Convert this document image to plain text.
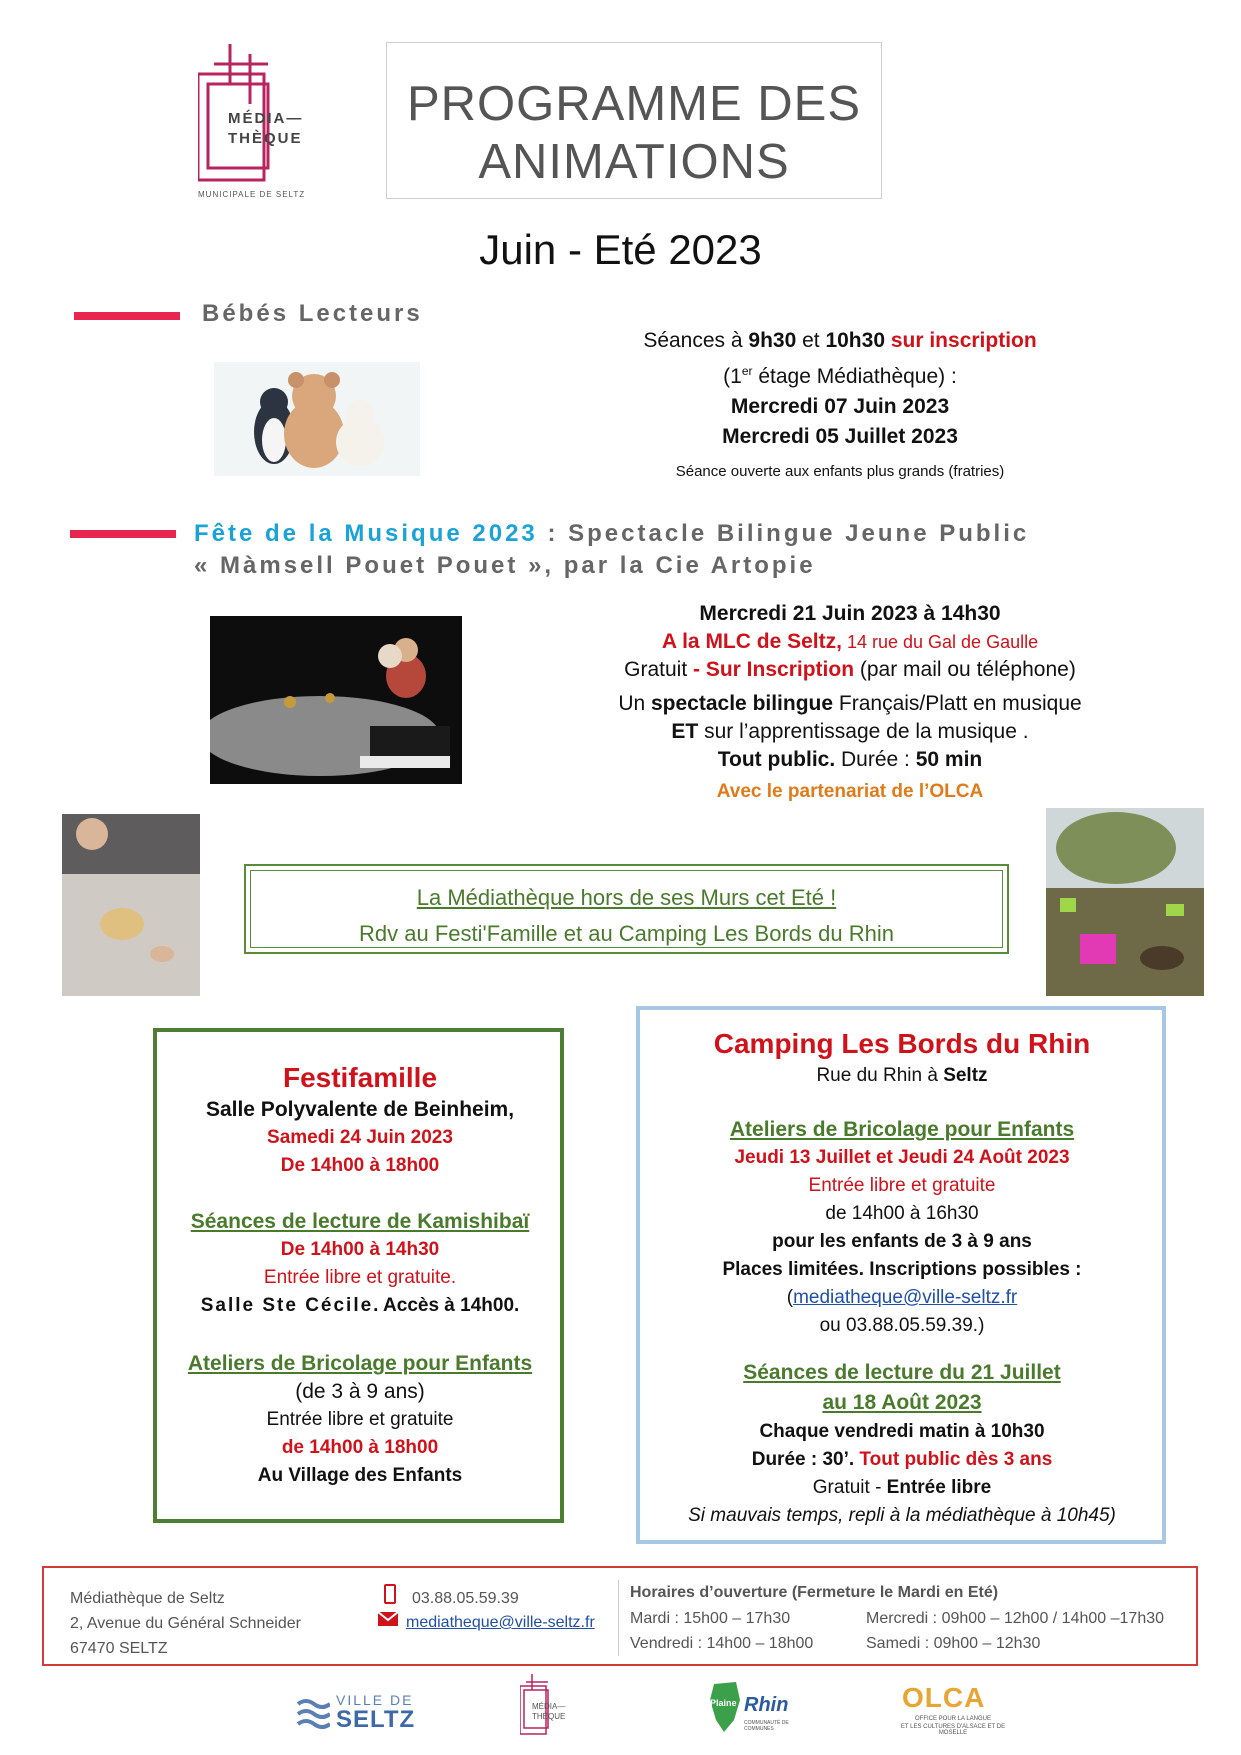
MÉDIA—
THÈQUE
MUNICIPALE DE SELTZ
PROGRAMME DES
ANIMATIONS
Juin - Eté 2023
Bébés Lecteurs
Séances à 9h30 et 10h30 sur inscription
(1er étage Médiathèque) :
Mercredi 07 Juin 2023
Mercredi 05 Juillet 2023
Séance ouverte aux enfants plus grands (fratries)
Fête de la Musique 2023 : Spectacle Bilingue Jeune Public
« Màmsell Pouet Pouet », par la Cie Artopie
Mercredi 21 Juin 2023 à 14h30
A la MLC de Seltz, 14 rue du Gal de Gaulle
Gratuit - Sur Inscription (par mail ou téléphone)
Un spectacle bilingue Français/Platt en musique
ET sur l’apprentissage de la musique .
Tout public. Durée : 50 min
Avec le partenariat de l’OLCA
La Médiathèque hors de ses Murs cet Eté !
Rdv au Festi'Famille et au Camping Les Bords du Rhin
Festifamille
Salle Polyvalente de Beinheim,
Samedi 24 Juin 2023
De 14h00 à 18h00
Séances de lecture de Kamishibaï
De 14h00 à 14h30
Entrée libre et gratuite.
Salle Ste Cécile. Accès à 14h00.
Ateliers de Bricolage pour Enfants
(de 3 à 9 ans)
Entrée libre et gratuite
de 14h00 à 18h00
Au Village des Enfants
Camping Les Bords du Rhin
Rue du Rhin à Seltz
Ateliers de Bricolage pour Enfants
Jeudi 13 Juillet et Jeudi 24 Août 2023
Entrée libre et gratuite
de 14h00 à 16h30
pour les enfants de 3 à 9 ans
Places limitées. Inscriptions possibles :
(mediatheque@ville-seltz.fr
ou 03.88.05.59.39.)
Séances de lecture du 21 Juillet
au 18 Août 2023
Chaque vendredi matin à 10h30
Durée : 30’. Tout public dès 3 ans
Gratuit - Entrée libre
Si mauvais temps, repli à la médiathèque à 10h45)
Médiathèque de Seltz
2, Avenue du Général Schneider
67470 SELTZ
03.88.05.59.39
mediatheque@ville-seltz.fr
Horaires d’ouverture (Fermeture le Mardi en Eté)
Mardi : 15h00 – 17h30
Vendredi : 14h00 – 18h00
Mercredi : 09h00 – 12h00 / 14h00 –17h30
Samedi : 09h00 – 12h30
VILLE DE
SELTZ	MÉDIA—
THÈQUE
Plaine Rhin
COMMUNAUTÉ DE COMMUNES
OLCA
OFFICE POUR LA LANGUE
ET LES CULTURES D'ALSACE ET DE MOSELLE
